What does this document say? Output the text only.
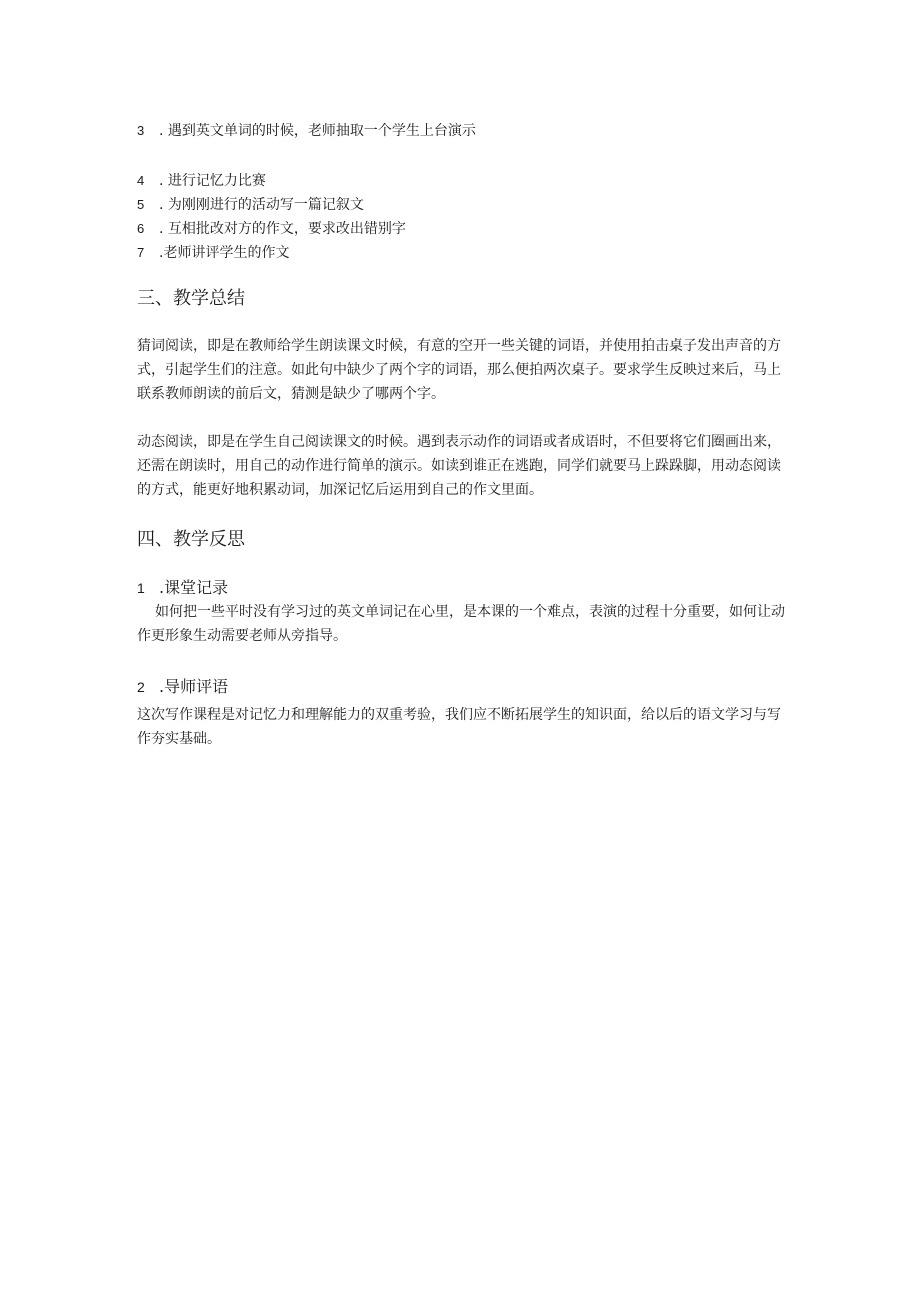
3 . 遇到英文单词的时候，老师抽取一个学生上台演示
4 . 进行记忆力比赛
5 . 为刚刚进行的活动写一篇记叙文
6 . 互相批改对方的作文，要求改出错别字
7 .老师讲评学生的作文
三、教学总结

猜词阅读，即是在教师给学生朗读课文时候，有意的空开一些关键的词语，并使用拍击桌子发出声音的方式，引起学生们的注意。如此句中缺少了两个字的词语，那么便拍两次桌子。要求学生反映过来后，马上联系教师朗读的前后文，猜测是缺少了哪两个字。

动态阅读，即是在学生自己阅读课文的时候。遇到表示动作的词语或者成语时，不但要将它们圈画出来，还需在朗读时，用自己的动作进行简单的演示。如读到谁正在逃跑，同学们就要马上跺跺脚，用动态阅读的方式，能更好地积累动词，加深记忆后运用到自己的作文里面。

四、教学反思
1 .课堂记录

如何把一些平时没有学习过的英文单词记在心里，是本课的一个难点，表演的过程十分重要，如何让动作更形象生动需要老师从旁指导。

2 .导师评语

这次写作课程是对记忆力和理解能力的双重考验，我们应不断拓展学生的知识面，给以后的语文学习与写作夯实基础。
